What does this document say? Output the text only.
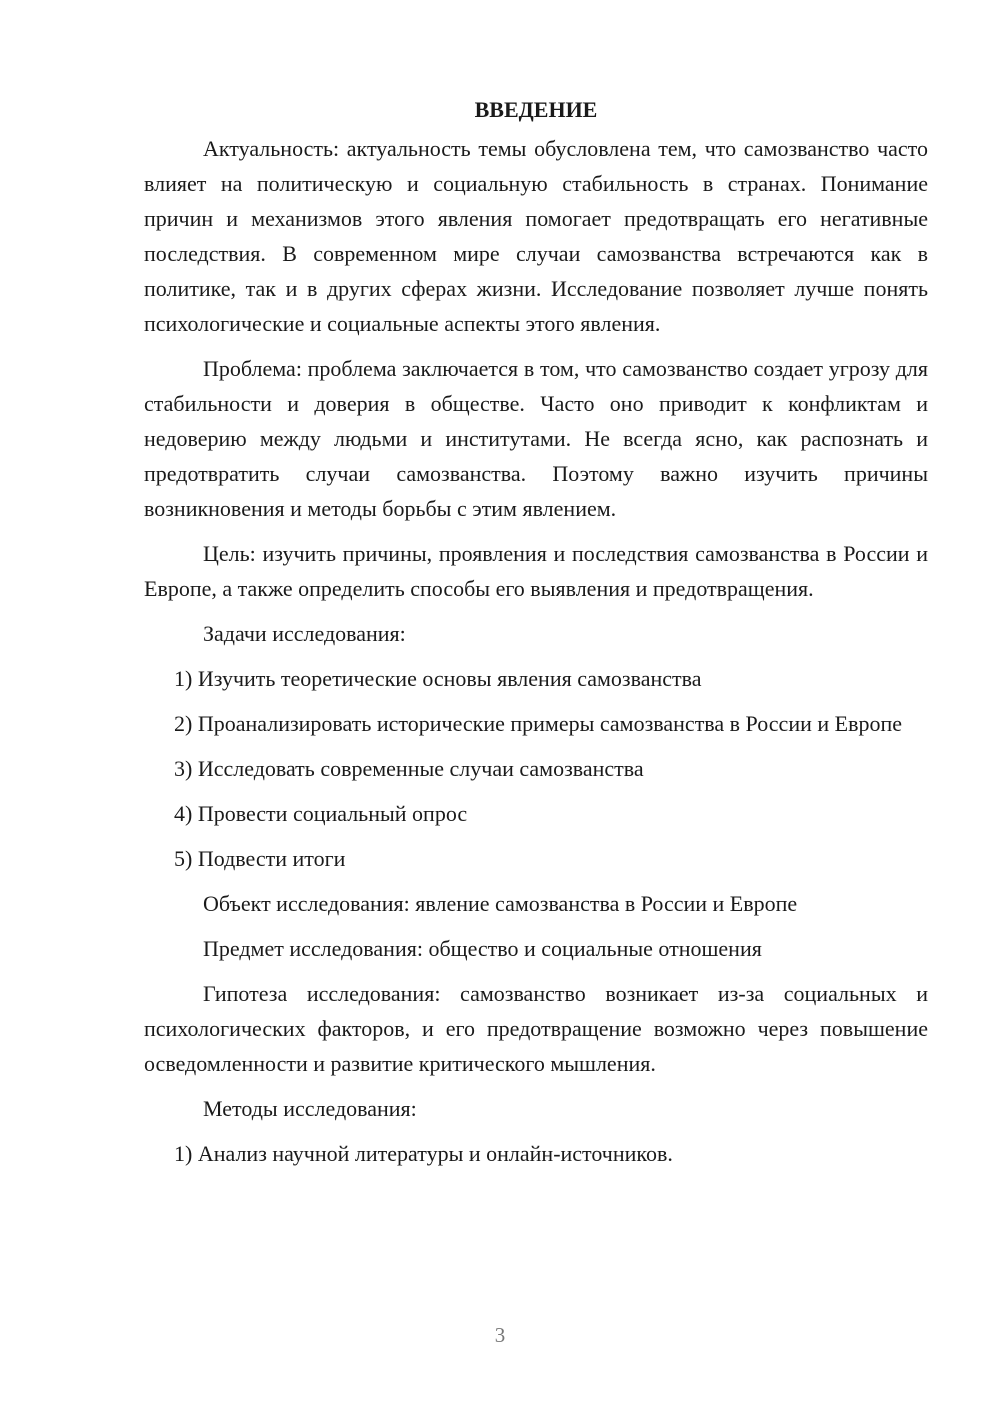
ВВЕДЕНИЕ

Актуальность: актуальность темы обусловлена тем, что самозванство часто влияет на политическую и социальную стабильность в странах. Понимание причин и механизмов этого явления помогает предотвращать его негативные последствия. В современном мире случаи самозванства встречаются как в политике, так и в других сферах жизни. Исследование позволяет лучше понять психологические и социальные аспекты этого явления.

Проблема: проблема заключается в том, что самозванство создает угрозу для стабильности и доверия в обществе. Часто оно приводит к конфликтам и недоверию между людьми и институтами. Не всегда ясно, как распознать и предотвратить случаи самозванства. Поэтому важно изучить причины возникновения и методы борьбы с этим явлением.

Цель: изучить причины, проявления и последствия самозванства в России и Европе, а также определить способы его выявления и предотвращения.

Задачи исследования:

1) Изучить теоретические основы явления самозванства

2) Проанализировать исторические примеры самозванства в России и Европе

3) Исследовать современные случаи самозванства

4) Провести социальный опрос

5) Подвести итоги

Объект исследования: явление самозванства в России и Европе

Предмет исследования: общество и социальные отношения

Гипотеза исследования: самозванство возникает из-за социальных и психологических факторов, и его предотвращение возможно через повышение осведомленности и развитие критического мышления.

Методы исследования:

1) Анализ научной литературы и онлайн-источников.

3
